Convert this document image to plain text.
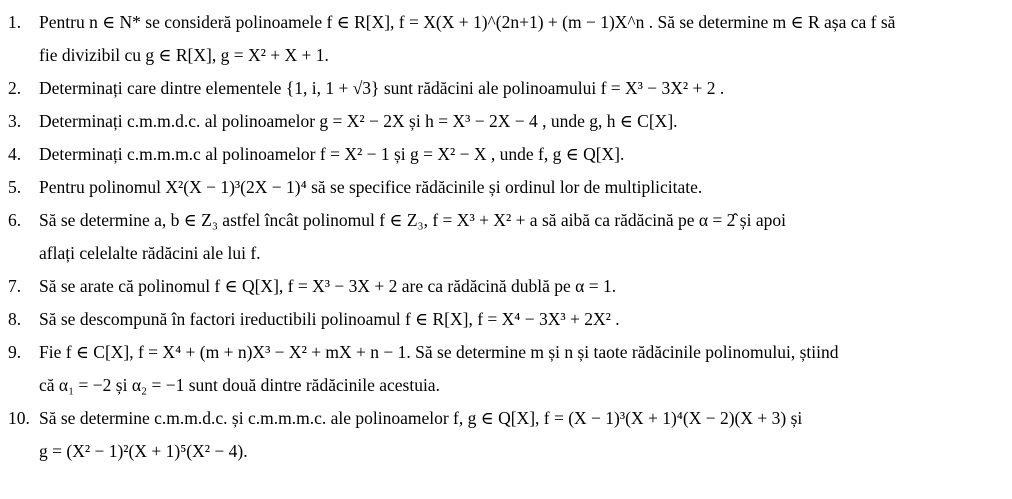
1.	Pentru n ∈ N* se consideră polinoamele f ∈ R[X], f = X(X + 1)^(2n+1) + (m − 1)X^n . Să se determine m ∈ R așa ca f să
fie divizibil cu g ∈ R[X], g = X² + X + 1.
2.	Determinați care dintre elementele {1, i, 1 + √3} sunt rădăcini ale polinoamului f = X³ − 3X² + 2 .
3.	Determinați c.m.m.d.c. al polinoamelor g = X² − 2X și h = X³ − 2X − 4 , unde g, h ∈ C[X].
4.	Determinați c.m.m.m.c al polinoamelor f = X² − 1 și g = X² − X , unde f, g ∈ Q[X].
5.	Pentru polinomul X²(X − 1)³(2X − 1)⁴ să se specifice rădăcinile și ordinul lor de multiplicitate.
6.	Să se determine a, b ∈ Z₃ astfel încât polinomul f ∈ Z₃, f = X³ + X² + a să aibă ca rădăcină pe α = 2̂ și apoi
aflați celelalte rădăcini ale lui f.
7.	Să se arate că polinomul f ∈ Q[X], f = X³ − 3X + 2 are ca rădăcină dublă pe α = 1.
8.	Să se descompună în factori ireductibili polinoamul f ∈ R[X], f = X⁴ − 3X³ + 2X² .
9.	Fie f ∈ C[X], f = X⁴ + (m + n)X³ − X² + mX + n − 1. Să se determine m și n și taote rădăcinile polinomului, știind
că α₁ = −2 și α₂ = −1 sunt două dintre rădăcinile acestuia.
10. Să se determine c.m.m.d.c. și c.m.m.m.c. ale polinoamelor f, g ∈ Q[X], f = (X − 1)³(X + 1)⁴(X − 2)(X + 3) și
g = (X² − 1)²(X + 1)⁵(X² − 4).
